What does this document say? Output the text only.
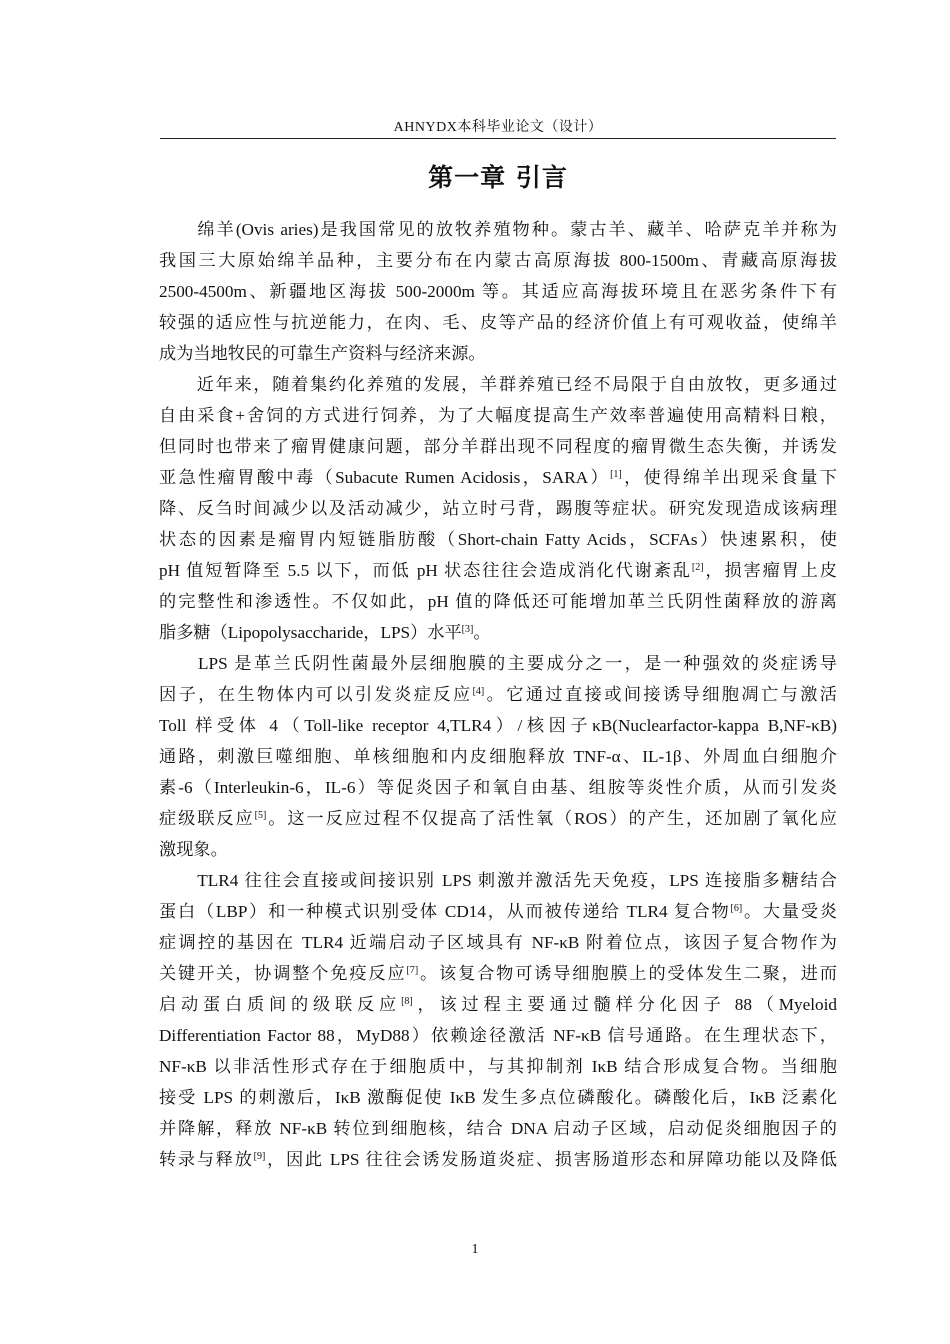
AHNYDX本科毕业论文（设计）
第一章 引言
　　绵羊(Ovis aries)是我国常见的放牧养殖物种。蒙古羊、藏羊、哈萨克羊并称为
我国三大原始绵羊品种，主要分布在内蒙古高原海拔 800-1500m、青藏高原海拔
2500-4500m、新疆地区海拔 500-2000m 等。其适应高海拔环境且在恶劣条件下有
较强的适应性与抗逆能力，在肉、毛、皮等产品的经济价值上有可观收益，使绵羊
成为当地牧民的可靠生产资料与经济来源。
　　近年来，随着集约化养殖的发展，羊群养殖已经不局限于自由放牧，更多通过
自由采食+舍饲的方式进行饲养，为了大幅度提高生产效率普遍使用高精料日粮，
但同时也带来了瘤胃健康问题，部分羊群出现不同程度的瘤胃微生态失衡，并诱发
亚急性瘤胃酸中毒（Subacute Rumen Acidosis，SARA）[1]，使得绵羊出现采食量下
降、反刍时间减少以及活动减少，站立时弓背，踢腹等症状。研究发现造成该病理
状态的因素是瘤胃内短链脂肪酸（Short-chain Fatty Acids，SCFAs）快速累积，使
pH 值短暂降至 5.5 以下，而低 pH 状态往往会造成消化代谢紊乱[2]，损害瘤胃上皮
的完整性和渗透性。不仅如此，pH 值的降低还可能增加革兰氏阴性菌释放的游离
脂多糖（Lipopolysaccharide，LPS）水平[3]。
　　LPS 是革兰氏阴性菌最外层细胞膜的主要成分之一，是一种强效的炎症诱导
因子，在生物体内可以引发炎症反应[4]。它通过直接或间接诱导细胞凋亡与激活
Toll 样受体 4（Toll-like receptor 4,TLR4）/核因子κB(Nuclearfactor-kappa B,NF-κB)
通路，刺激巨噬细胞、单核细胞和内皮细胞释放 TNF-α、IL-1β、外周血白细胞介
素-6（Interleukin-6，IL-6）等促炎因子和氧自由基、组胺等炎性介质，从而引发炎
症级联反应[5]。这一反应过程不仅提高了活性氧（ROS）的产生，还加剧了氧化应
激现象。
　　TLR4 往往会直接或间接识别 LPS 刺激并激活先天免疫，LPS 连接脂多糖结合
蛋白（LBP）和一种模式识别受体 CD14，从而被传递给 TLR4 复合物[6]。大量受炎
症调控的基因在 TLR4 近端启动子区域具有 NF-κB 附着位点，该因子复合物作为
关键开关，协调整个免疫反应[7]。该复合物可诱导细胞膜上的受体发生二聚，进而
启动蛋白质间的级联反应[8]，该过程主要通过髓样分化因子 88（Myeloid
Differentiation Factor 88，MyD88）依赖途径激活 NF-κB 信号通路。在生理状态下，
NF-κB 以非活性形式存在于细胞质中，与其抑制剂 IκB 结合形成复合物。当细胞
接受 LPS 的刺激后，IκB 激酶促使 IκB 发生多点位磷酸化。磷酸化后，IκB 泛素化
并降解，释放 NF-κB 转位到细胞核，结合 DNA 启动子区域，启动促炎细胞因子的
转录与释放[9]，因此 LPS 往往会诱发肠道炎症、损害肠道形态和屏障功能以及降低
1
